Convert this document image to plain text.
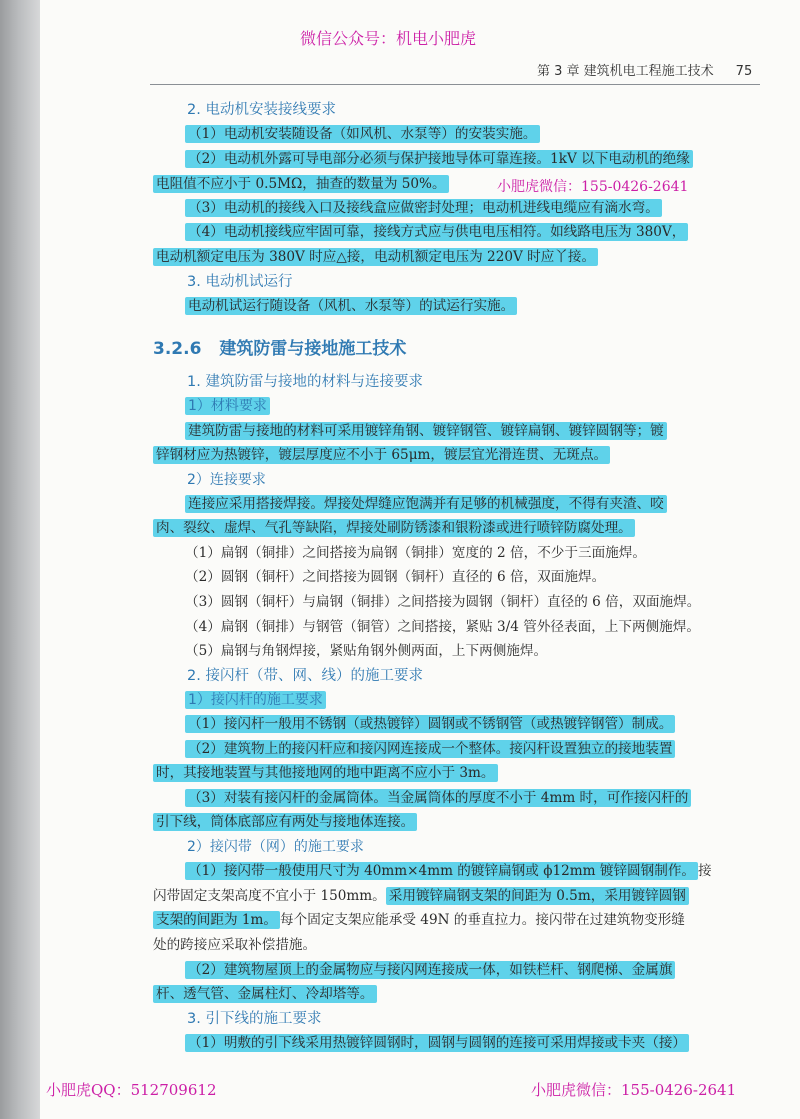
微信公众号：机电小肥虎
小肥虎微信：155-0426-2641
小肥虎QQ：512709612	小肥虎微信：155-0426-2641
第 3 章 建筑机电工程施工技术 75
3.2.6 建筑防雷与接地施工技术
2. 电动机安装接线要求
（1）电动机安装随设备（如风机、水泵等）的安装实施。
（2）电动机外露可导电部分必须与保护接地导体可靠连接。1kV 以下电动机的绝缘
电阻值不应小于 0.5MΩ，抽查的数量为 50%。
（3）电动机的接线入口及接线盒应做密封处理；电动机进线电缆应有滴水弯。
（4）电动机接线应牢固可靠，接线方式应与供电电压相符。如线路电压为 380V，
电动机额定电压为 380V 时应△接，电动机额定电压为 220V 时应丫接。
3. 电动机试运行
电动机试运行随设备（风机、水泵等）的试运行实施。
1. 建筑防雷与接地的材料与连接要求
1）材料要求
建筑防雷与接地的材料可采用镀锌角钢、镀锌钢管、镀锌扁钢、镀锌圆钢等；镀
锌钢材应为热镀锌，镀层厚度应不小于 65μm，镀层宜光滑连贯、无斑点。
2）连接要求
连接应采用搭接焊接。焊接处焊缝应饱满并有足够的机械强度，不得有夹渣、咬
肉、裂纹、虚焊、气孔等缺陷，焊接处刷防锈漆和银粉漆或进行喷锌防腐处理。
（1）扁钢（铜排）之间搭接为扁钢（铜排）宽度的 2 倍，不少于三面施焊。
（2）圆钢（铜杆）之间搭接为圆钢（铜杆）直径的 6 倍，双面施焊。
（3）圆钢（铜杆）与扁钢（铜排）之间搭接为圆钢（铜杆）直径的 6 倍，双面施焊。
（4）扁钢（铜排）与钢管（铜管）之间搭接，紧贴 3/4 管外径表面，上下两侧施焊。
（5）扁钢与角钢焊接，紧贴角钢外侧两面，上下两侧施焊。
2. 接闪杆（带、网、线）的施工要求
1）接闪杆的施工要求
（1）接闪杆一般用不锈钢（或热镀锌）圆钢或不锈钢管（或热镀锌钢管）制成。
（2）建筑物上的接闪杆应和接闪网连接成一个整体。接闪杆设置独立的接地装置
时，其接地装置与其他接地网的地中距离不应小于 3m。
（3）对装有接闪杆的金属筒体。当金属筒体的厚度不小于 4mm 时，可作接闪杆的
引下线，筒体底部应有两处与接地体连接。
2）接闪带（网）的施工要求
（1）接闪带一般使用尺寸为 40mm×4mm 的镀锌扁钢或 ϕ12mm 镀锌圆钢制作。 接
闪带固定支架高度不宜小于 150mm。 采用镀锌扁钢支架的间距为 0.5m，采用镀锌圆钢
支架的间距为 1m。 每个固定支架应能承受 49N 的垂直拉力。接闪带在过建筑物变形缝
处的跨接应采取补偿措施。
（2）建筑物屋顶上的金属物应与接闪网连接成一体，如铁栏杆、钢爬梯、金属旗
杆、透气管、金属柱灯、冷却塔等。
3. 引下线的施工要求
（1）明敷的引下线采用热镀锌圆钢时，圆钢与圆钢的连接可采用焊接或卡夹（接）
